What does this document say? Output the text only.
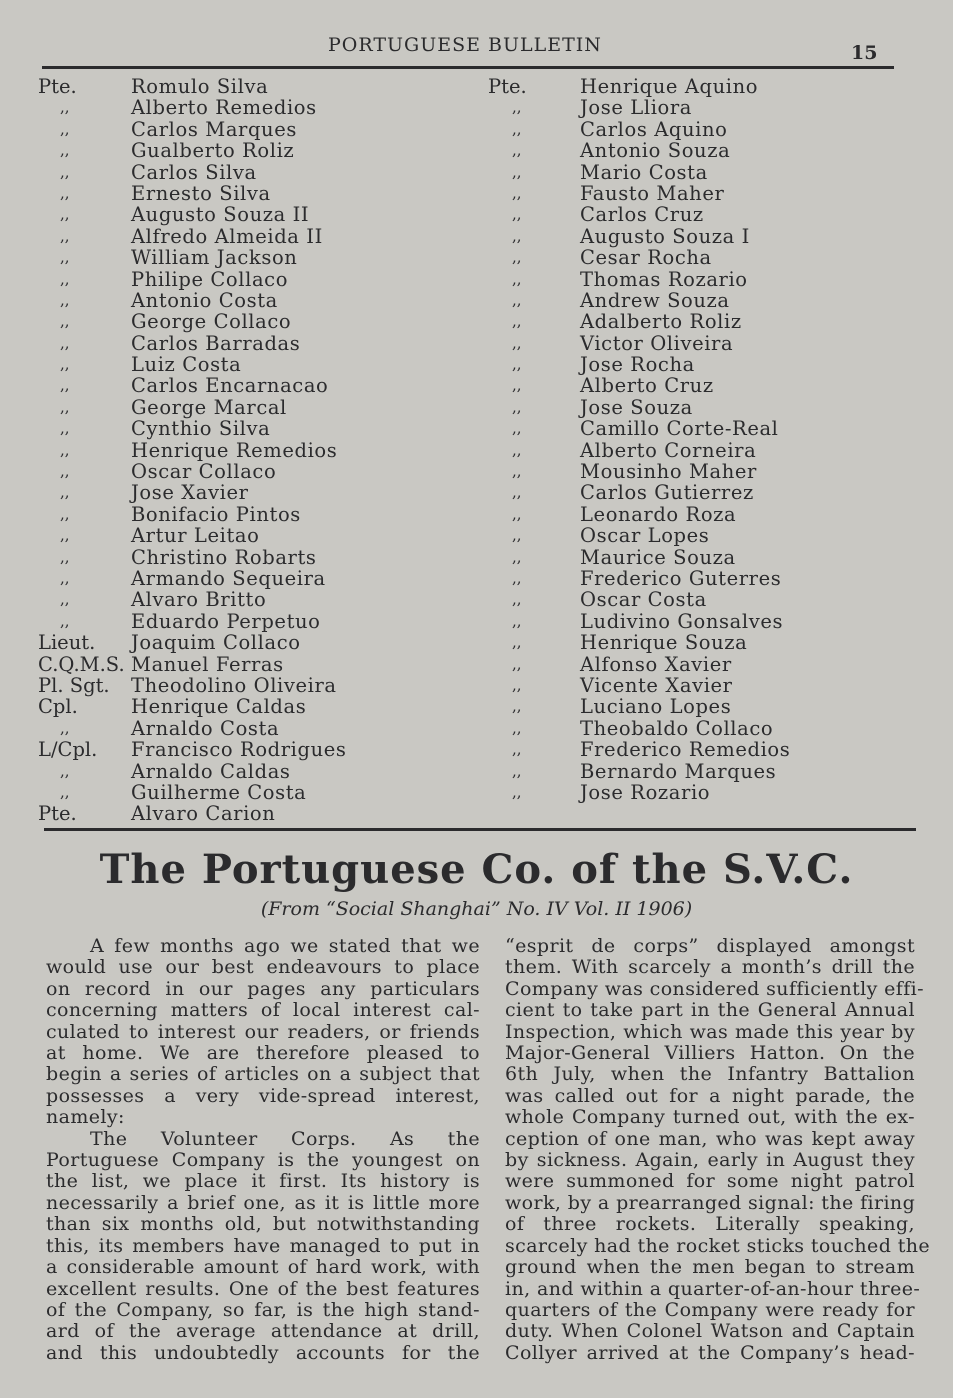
PORTUGUESE BULLETIN	15
Pte.	Romulo Silva
,,	Alberto Remedios
,,	Carlos Marques
,,	Gualberto Roliz
,,	Carlos Silva
,,	Ernesto Silva
,,	Augusto Souza II
,,	Alfredo Almeida II
,,	William Jackson
,,	Philipe Collaco
,,	Antonio Costa
,,	George Collaco
,,	Carlos Barradas
,,	Luiz Costa
,,	Carlos Encarnacao
,,	George Marcal
,,	Cynthio Silva
,,	Henrique Remedios
,,	Oscar Collaco
,,	Jose Xavier
,,	Bonifacio Pintos
,,	Artur Leitao
,,	Christino Robarts
,,	Armando Sequeira
,,	Alvaro Britto
,,	Eduardo Perpetuo
Lieut.	Joaquim Collaco
C.Q.M.S. Manuel Ferras
Pl. Sgt.	Theodolino Oliveira
Cpl.	Henrique Caldas
,,	Arnaldo Costa
L/Cpl.	Francisco Rodrigues
,,	Arnaldo Caldas
,,	Guilherme Costa
Pte.	Alvaro Carion
Pte.	Henrique Aquino
,,	Jose Lliora
,,	Carlos Aquino
,,	Antonio Souza
,,	Mario Costa
,,	Fausto Maher
,,	Carlos Cruz
,,	Augusto Souza I
,,	Cesar Rocha
,,	Thomas Rozario
,,	Andrew Souza
,,	Adalberto Roliz
,,	Victor Oliveira
,,	Jose Rocha
,,	Alberto Cruz
,,	Jose Souza
,,	Camillo Corte-Real
,,	Alberto Corneira
,,	Mousinho Maher
,,	Carlos Gutierrez
,,	Leonardo Roza
,,	Oscar Lopes
,,	Maurice Souza
,,	Frederico Guterres
,,	Oscar Costa
,,	Ludivino Gonsalves
,,	Henrique Souza
,,	Alfonso Xavier
,,	Vicente Xavier
,,	Luciano Lopes
,,	Theobaldo Collaco
,,	Frederico Remedios
,,	Bernardo Marques
,,	Jose Rozario
The Portuguese Co. of the S.V.C.
(From “Social Shanghai” No. IV Vol. II 1906)
A few months ago we stated that we
would use our best endeavours to place
on record in our pages any particulars
concerning matters of local interest cal-
culated to interest our readers, or friends
at home. We are therefore pleased to
begin a series of articles on a subject that
possesses a very vide-spread interest,
namely:
The Volunteer Corps. As the
Portuguese Company is the youngest on
the list, we place it first. Its history is
necessarily a brief one, as it is little more
than six months old, but notwithstanding
this, its members have managed to put in
a considerable amount of hard work, with
excellent results. One of the best features
of the Company, so far, is the high stand-
ard of the average attendance at drill,
and this undoubtedly accounts for the
“esprit de corps” displayed amongst
them. With scarcely a month’s drill the
Company was considered sufficiently effi-
cient to take part in the General Annual
Inspection, which was made this year by
Major-General Villiers Hatton. On the
6th July, when the Infantry Battalion
was called out for a night parade, the
whole Company turned out, with the ex-
ception of one man, who was kept away
by sickness. Again, early in August they
were summoned for some night patrol
work, by a prearranged signal: the firing
of three rockets. Literally speaking,
scarcely had the rocket sticks touched the
ground when the men began to stream
in, and within a quarter-of-an-hour three-
quarters of the Company were ready for
duty. When Colonel Watson and Captain
Collyer arrived at the Company’s head-
